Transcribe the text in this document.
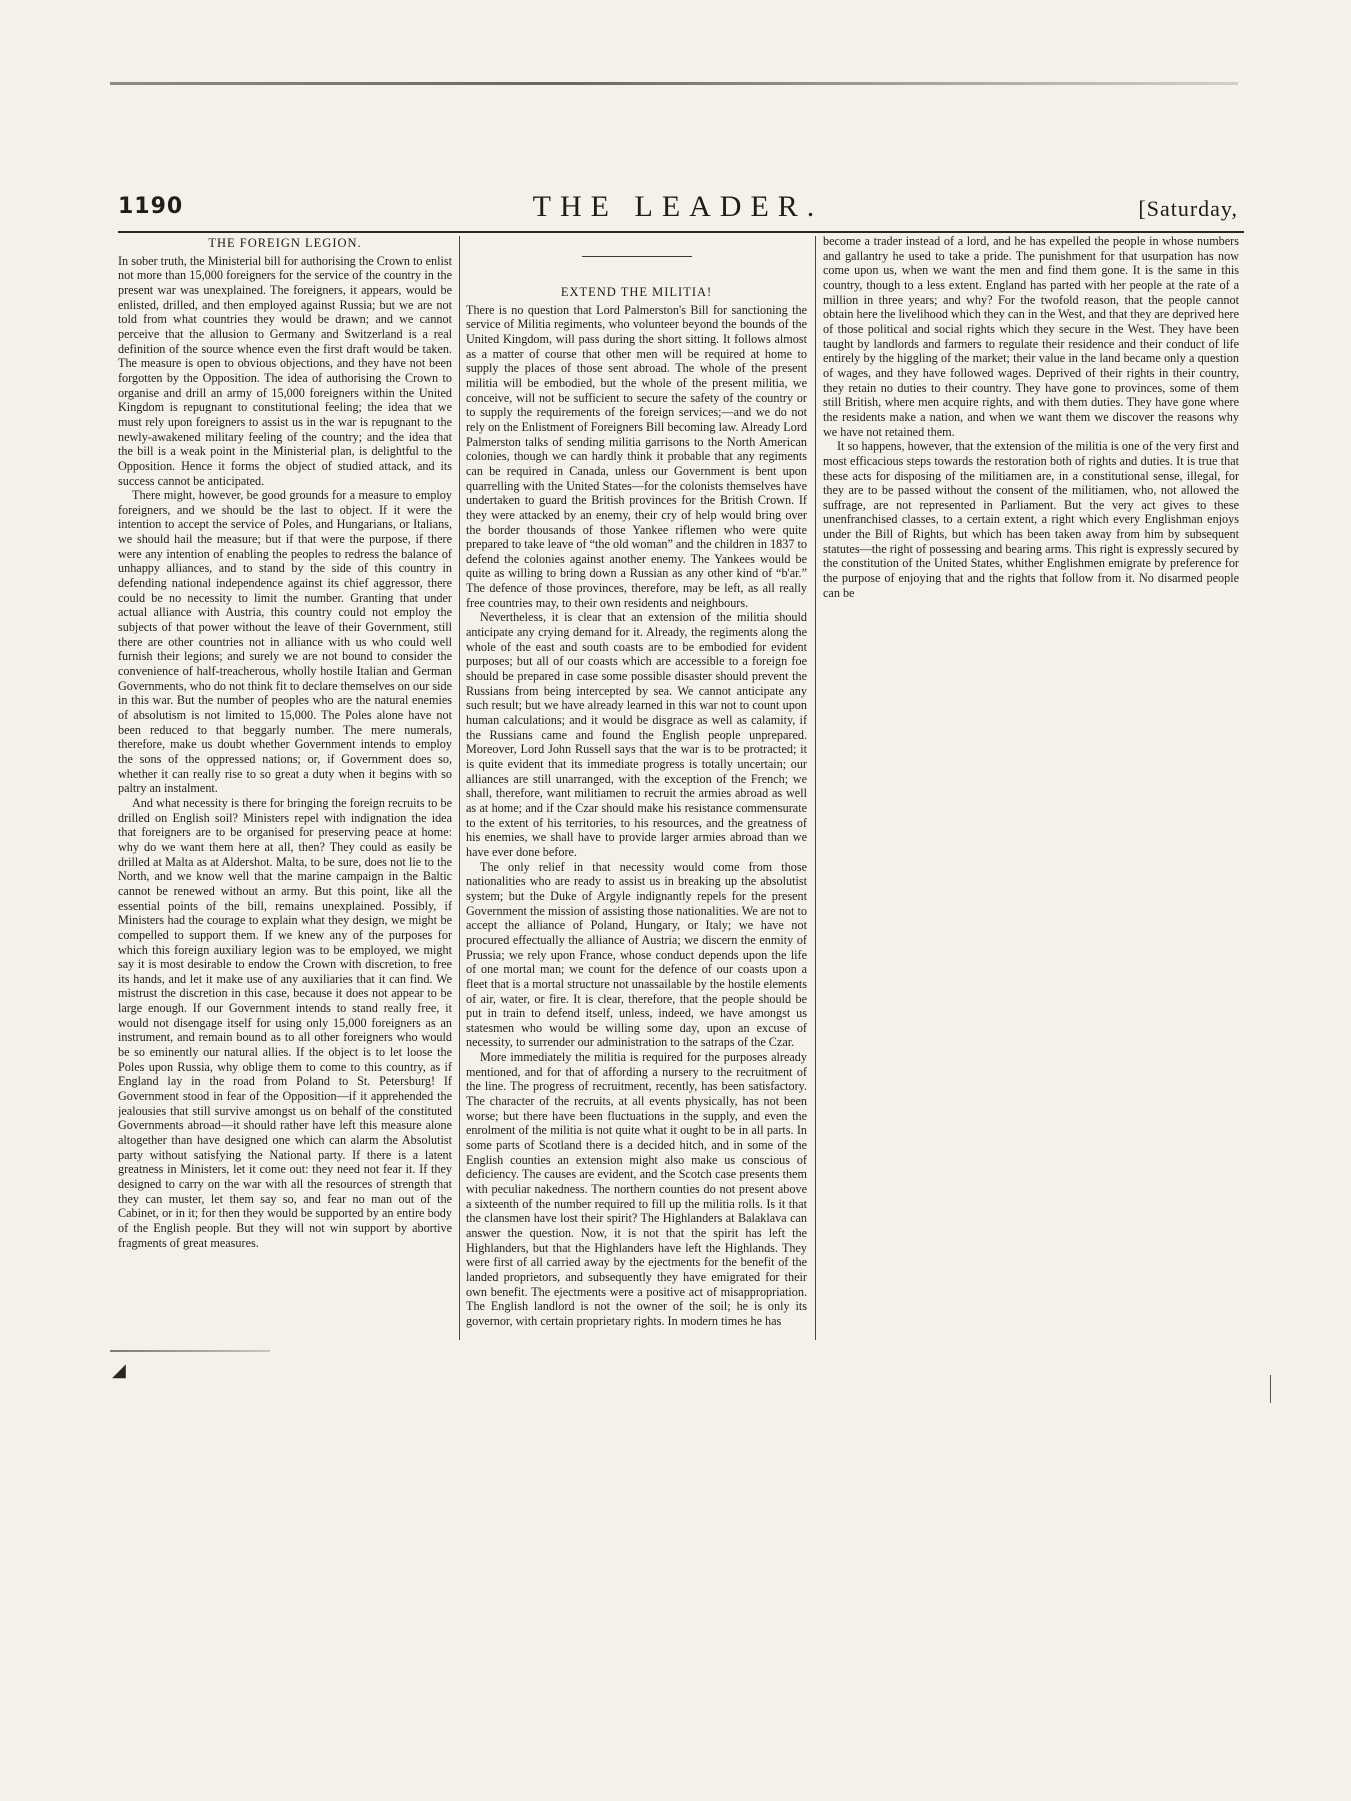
1190	THE LEADER.	[Saturday,
THE FOREIGN LEGION.

In sober truth, the Ministerial bill for authorising the Crown to enlist not more than 15,000 foreigners for the service of the country in the present war was unexplained. The foreigners, it appears, would be enlisted, drilled, and then employed against Russia; but we are not told from what countries they would be drawn; and we cannot perceive that the allusion to Germany and Switzerland is a real definition of the source whence even the first draft would be taken. The measure is open to obvious objections, and they have not been forgotten by the Opposition. The idea of authorising the Crown to organise and drill an army of 15,000 foreigners within the United Kingdom is repugnant to constitutional feeling; the idea that we must rely upon foreigners to assist us in the war is repugnant to the newly-awakened military feeling of the country; and the idea that the bill is a weak point in the Ministerial plan, is delightful to the Opposition. Hence it forms the object of studied attack, and its success cannot be anticipated.

There might, however, be good grounds for a measure to employ foreigners, and we should be the last to object. If it were the intention to accept the service of Poles, and Hungarians, or Italians, we should hail the measure; but if that were the purpose, if there were any intention of enabling the peoples to redress the balance of unhappy alliances, and to stand by the side of this country in defending national independence against its chief aggressor, there could be no necessity to limit the number. Granting that under actual alliance with Austria, this country could not employ the subjects of that power without the leave of their Government, still there are other countries not in alliance with us who could well furnish their legions; and surely we are not bound to consider the convenience of half-treacherous, wholly hostile Italian and German Governments, who do not think fit to declare themselves on our side in this war. But the number of peoples who are the natural enemies of absolutism is not limited to 15,000. The Poles alone have not been reduced to that beggarly number. The mere numerals, therefore, make us doubt whether Government intends to employ the sons of the oppressed nations; or, if Government does so, whether it can really rise to so great a duty when it begins with so paltry an instalment.

And what necessity is there for bringing the foreign recruits to be drilled on English soil? Ministers repel with indignation the idea that foreigners are to be organised for preserving peace at home: why do we want them here at all, then? They could as easily be drilled at Malta as at Aldershot. Malta, to be sure, does not lie to the North, and we know well that the marine campaign in the Baltic cannot be renewed without an army. But this point, like all the essential points of the bill, remains unexplained. Possibly, if Ministers had the courage to explain what they design, we might be compelled to support them. If we knew any of the purposes for which this foreign auxiliary legion was to be employed, we might say it is most desirable to endow the Crown with discretion, to free its hands, and let it make use of any auxiliaries that it can find. We mistrust the discretion in this case, because it does not appear to be large enough. If our Government intends to stand really free, it would not disengage itself for using only 15,000 foreigners as an instrument, and remain bound as to all other foreigners who would be so eminently our natural allies. If the object is to let loose the Poles upon Russia, why oblige them to come to this country, as if England lay in the road from Poland to St. Petersburg! If Government stood in fear of the Opposition—if it apprehended the jealousies that still survive amongst us on behalf of the constituted Governments abroad—it should rather have left this measure alone altogether than have designed one which can alarm the Absolutist party without satisfying the National party. If there is a latent greatness in Ministers, let it come out: they need not fear it. If they designed to carry on the war with all the resources of strength that they can muster, let them say so, and fear no man out of the Cabinet, or in it; for then they would be supported by an entire body of the English people. But they will not win support by abortive fragments of great measures.

EXTEND THE MILITIA!

There is no question that Lord Palmerston's Bill for sanctioning the service of Militia regiments, who volunteer beyond the bounds of the United Kingdom, will pass during the short sitting. It follows almost as a matter of course that other men will be required at home to supply the places of those sent abroad. The whole of the present militia will be embodied, but the whole of the present militia, we conceive, will not be sufficient to secure the safety of the country or to supply the requirements of the foreign services;—and we do not rely on the Enlistment of Foreigners Bill becoming law. Already Lord Palmerston talks of sending militia garrisons to the North American colonies, though we can hardly think it probable that any regiments can be required in Canada, unless our Government is bent upon quarrelling with the United States—for the colonists themselves have undertaken to guard the British provinces for the British Crown. If they were attacked by an enemy, their cry of help would bring over the border thousands of those Yankee riflemen who were quite prepared to take leave of “the old woman” and the children in 1837 to defend the colonies against another enemy. The Yankees would be quite as willing to bring down a Russian as any other kind of “b'ar.” The defence of those provinces, therefore, may be left, as all really free countries may, to their own residents and neighbours.

Nevertheless, it is clear that an extension of the militia should anticipate any crying demand for it. Already, the regiments along the whole of the east and south coasts are to be embodied for evident purposes; but all of our coasts which are accessible to a foreign foe should be prepared in case some possible disaster should prevent the Russians from being intercepted by sea. We cannot anticipate any such result; but we have already learned in this war not to count upon human calculations; and it would be disgrace as well as calamity, if the Russians came and found the English people unprepared. Moreover, Lord John Russell says that the war is to be protracted; it is quite evident that its immediate progress is totally uncertain; our alliances are still unarranged, with the exception of the French; we shall, therefore, want militiamen to recruit the armies abroad as well as at home; and if the Czar should make his resistance commensurate to the extent of his territories, to his resources, and the greatness of his enemies, we shall have to provide larger armies abroad than we have ever done before.

The only relief in that necessity would come from those nationalities who are ready to assist us in breaking up the absolutist system; but the Duke of Argyle indignantly repels for the present Government the mission of assisting those nationalities. We are not to accept the alliance of Poland, Hungary, or Italy; we have not procured effectually the alliance of Austria; we discern the enmity of Prussia; we rely upon France, whose conduct depends upon the life of one mortal man; we count for the defence of our coasts upon a fleet that is a mortal structure not unassailable by the hostile elements of air, water, or fire. It is clear, therefore, that the people should be put in train to defend itself, unless, indeed, we have amongst us statesmen who would be willing some day, upon an excuse of necessity, to surrender our administration to the satraps of the Czar.

More immediately the militia is required for the purposes already mentioned, and for that of affording a nursery to the recruitment of the line. The progress of recruitment, recently, has been satisfactory. The character of the recruits, at all events physically, has not been worse; but there have been fluctuations in the supply, and even the enrolment of the militia is not quite what it ought to be in all parts. In some parts of Scotland there is a decided hitch, and in some of the English counties an extension might also make us conscious of deficiency. The causes are evident, and the Scotch case presents them with peculiar nakedness. The northern counties do not present above a sixteenth of the number required to fill up the militia rolls. Is it that the clansmen have lost their spirit? The Highlanders at Balaklava can answer the question. Now, it is not that the spirit has left the Highlanders, but that the Highlanders have left the Highlands. They were first of all carried away by the ejectments for the benefit of the landed proprietors, and subsequently they have emigrated for their own benefit. The ejectments were a positive act of misappropriation. The English landlord is not the owner of the soil; he is only its governor, with certain proprietary rights. In modern times he has

become a trader instead of a lord, and he has expelled the people in whose numbers and gallantry he used to take a pride. The punishment for that usurpation has now come upon us, when we want the men and find them gone. It is the same in this country, though to a less extent. England has parted with her people at the rate of a million in three years; and why? For the twofold reason, that the people cannot obtain here the livelihood which they can in the West, and that they are deprived here of those political and social rights which they secure in the West. They have been taught by landlords and farmers to regulate their residence and their conduct of life entirely by the higgling of the market; their value in the land became only a question of wages, and they have followed wages. Deprived of their rights in their country, they retain no duties to their country. They have gone to provinces, some of them still British, where men acquire rights, and with them duties. They have gone where the residents make a nation, and when we want them we discover the reasons why we have not retained them.

It so happens, however, that the extension of the militia is one of the very first and most efficacious steps towards the restoration both of rights and duties. It is true that these acts for disposing of the militiamen are, in a constitutional sense, illegal, for they are to be passed without the consent of the militiamen, who, not allowed the suffrage, are not represented in Parliament. But the very act gives to these unenfranchised classes, to a certain extent, a right which every Englishman enjoys under the Bill of Rights, but which has been taken away from him by subsequent statutes—the right of possessing and bearing arms. This right is expressly secured by the constitution of the United States, whither Englishmen emigrate by preference for the purpose of enjoying that and the rights that follow from it. No disarmed people can be

◢
